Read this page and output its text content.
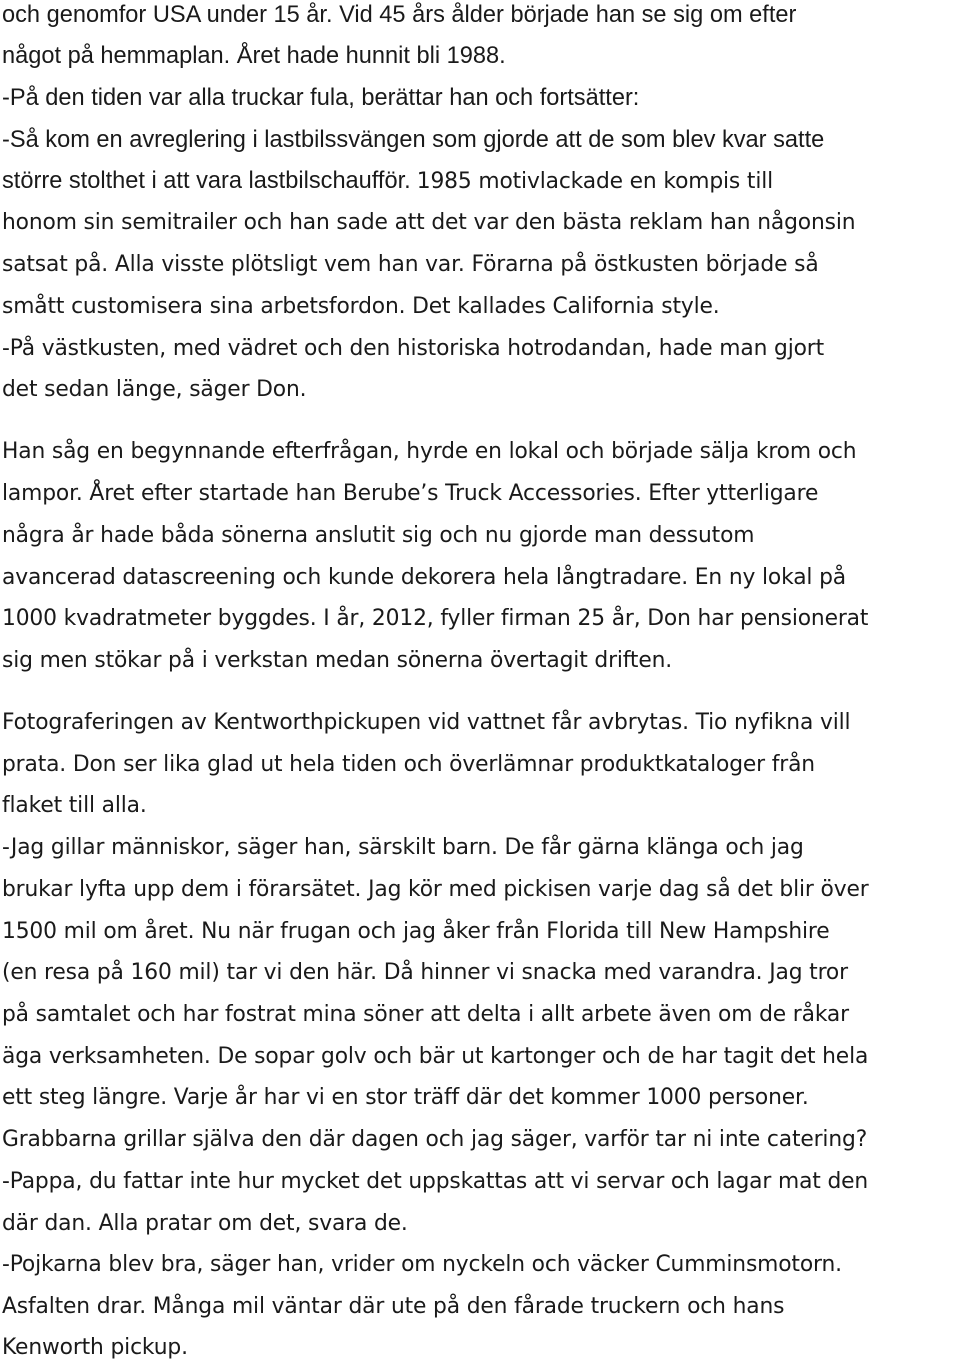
och genomfor USA under 15 år. Vid 45 års ålder började han se sig om efter
något på hemmaplan. Året hade hunnit bli 1988.
-På den tiden var alla truckar fula, berättar han och fortsätter:
-Så kom en avreglering i lastbilssvängen som gjorde att de som blev kvar satte
större stolthet i att vara lastbilschaufför. 1985 motivlackade en kompis till
honom sin semitrailer och han sade att det var den bästa reklam han någonsin
satsat på. Alla visste plötsligt vem han var. Förarna på östkusten började så
smått customisera sina arbetsfordon. Det kallades California style.
-På västkusten, med vädret och den historiska hotrodandan, hade man gjort
det sedan länge, säger Don.
Han såg en begynnande efterfrågan, hyrde en lokal och började sälja krom och
lampor. Året efter startade han Berube’s Truck Accessories. Efter ytterligare
några år hade båda sönerna anslutit sig och nu gjorde man dessutom
avancerad datascreening och kunde dekorera hela långtradare. En ny lokal på
1000 kvadratmeter byggdes. I år, 2012, fyller firman 25 år, Don har pensionerat
sig men stökar på i verkstan medan sönerna övertagit driften.
Fotograferingen av Kentworthpickupen vid vattnet får avbrytas. Tio nyfikna vill
prata. Don ser lika glad ut hela tiden och överlämnar produktkataloger från
flaket till alla.
-Jag gillar människor, säger han, särskilt barn. De får gärna klänga och jag
brukar lyfta upp dem i förarsätet. Jag kör med pickisen varje dag så det blir över
1500 mil om året. Nu när frugan och jag åker från Florida till New Hampshire
(en resa på 160 mil) tar vi den här. Då hinner vi snacka med varandra. Jag tror
på samtalet och har fostrat mina söner att delta i allt arbete även om de råkar
äga verksamheten. De sopar golv och bär ut kartonger och de har tagit det hela
ett steg längre. Varje år har vi en stor träff där det kommer 1000 personer.
Grabbarna grillar själva den där dagen och jag säger, varför tar ni inte catering?
-Pappa, du fattar inte hur mycket det uppskattas att vi servar och lagar mat den
där dan. Alla pratar om det, svara de.
-Pojkarna blev bra, säger han, vrider om nyckeln och väcker Cumminsmotorn.
Asfalten drar. Många mil väntar där ute på den fårade truckern och hans
Kenworth pickup.
